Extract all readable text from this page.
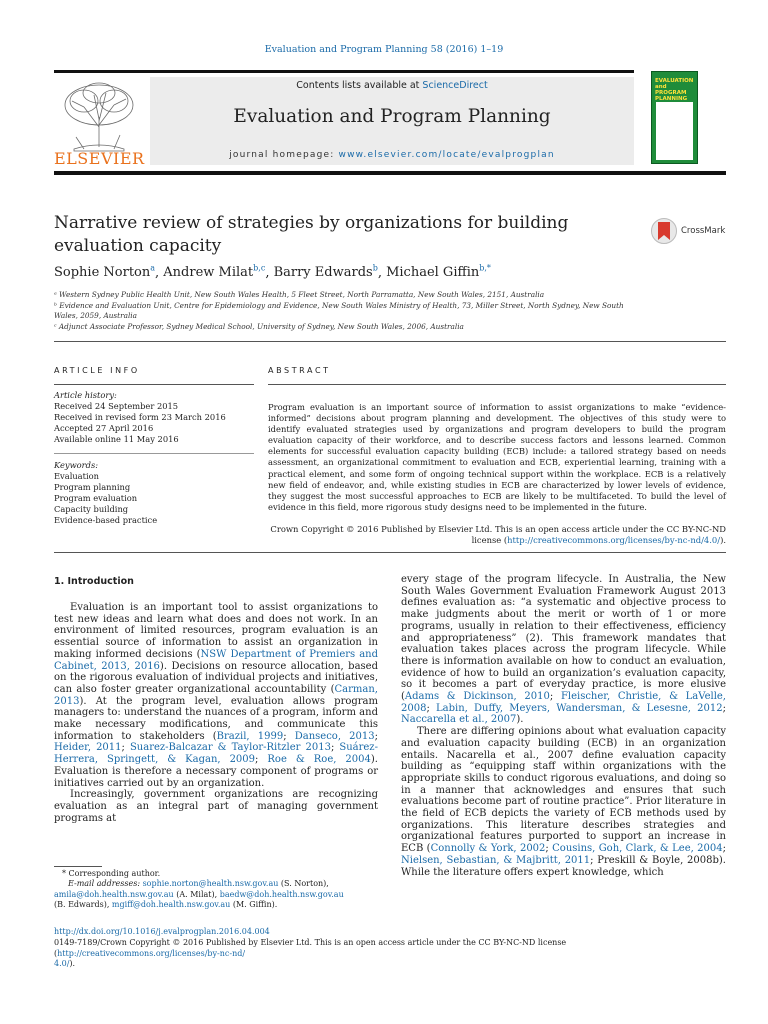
Evaluation and Program Planning 58 (2016) 1–19
ELSEVIER
Contents lists available at ScienceDirect
Evaluation and Program Planning
journal homepage: www.elsevier.com/locate/evalprogplan
EVALUATION and PROGRAM PLANNING
Narrative review of strategies by organizations for building evaluation capacity
CrossMark
Sophie Norton$^a$, Andrew Milat$^{b,c}$, Barry Edwards$^b$, Michael Giffin$^{b,*}$
ᵃ Western Sydney Public Health Unit, New South Wales Health, 5 Fleet Street, North Parramatta, New South Wales, 2151, Australia
ᵇ Evidence and Evaluation Unit, Centre for Epidemiology and Evidence, New South Wales Ministry of Health, 73, Miller Street, North Sydney, New South Wales, 2059, Australia
ᶜ Adjunct Associate Professor, Sydney Medical School, University of Sydney, New South Wales, 2006, Australia
ARTICLE INFO
Article history:
Received 24 September 2015
Received in revised form 23 March 2016
Accepted 27 April 2016
Available online 11 May 2016
Keywords:
Evaluation
Program planning
Program evaluation
Capacity building
Evidence-based practice
ABSTRACT
Program evaluation is an important source of information to assist organizations to make “evidence-informed” decisions about program planning and development. The objectives of this study were to identify evaluated strategies used by organizations and program developers to build the program evaluation capacity of their workforce, and to describe success factors and lessons learned. Common elements for successful evaluation capacity building (ECB) include: a tailored strategy based on needs assessment, an organizational commitment to evaluation and ECB, experiential learning, training with a practical element, and some form of ongoing technical support within the workplace. ECB is a relatively new field of endeavor, and, while existing studies in ECB are characterized by lower levels of evidence, they suggest the most successful approaches to ECB are likely to be multifaceted. To build the level of evidence in this field, more rigorous study designs need to be implemented in the future.
Crown Copyright © 2016 Published by Elsevier Ltd. This is an open access article under the CC BY-NC-ND
license (http://creativecommons.org/licenses/by-nc-nd/4.0/).
1. Introduction

Evaluation is an important tool to assist organizations to test new ideas and learn what does and does not work. In an environment of limited resources, program evaluation is an essential source of information to assist an organization in making informed decisions (NSW Department of Premiers and Cabinet, 2013, 2016). Decisions on resource allocation, based on the rigorous evaluation of individual projects and initiatives, can also foster greater organizational accountability (Carman, 2013). At the program level, evaluation allows program managers to: understand the nuances of a program, inform and make necessary modifications, and communicate this information to stakeholders (Brazil, 1999; Danseco, 2013; Heider, 2011; Suarez-Balcazar & Taylor-Ritzler 2013; Suárez-Herrera, Springett, & Kagan, 2009; Roe & Roe, 2004). Evaluation is therefore a necessary component of programs or initiatives carried out by an organization.

Increasingly, government organizations are recognizing evaluation as an integral part of managing government programs at

* Corresponding author.
E-mail addresses: sophie.norton@health.nsw.gov.au (S. Norton),
amila@doh.health.nsw.gov.au (A. Milat), baedw@doh.health.nsw.gov.au
(B. Edwards), mgiff@doh.health.nsw.gov.au (M. Giffin).

every stage of the program lifecycle. In Australia, the New South Wales Government Evaluation Framework August 2013 defines evaluation as: “a systematic and objective process to make judgments about the merit or worth of 1 or more programs, usually in relation to their effectiveness, efficiency and appropriateness” (2). This framework mandates that evaluation takes places across the program lifecycle. While there is information available on how to conduct an evaluation, evidence of how to build an organization’s evaluation capacity, so it becomes a part of everyday practice, is more elusive (Adams & Dickinson, 2010; Fleischer, Christie, & LaVelle, 2008; Labin, Duffy, Meyers, Wandersman, & Lesesne, 2012; Naccarella et al., 2007).

There are differing opinions about what evaluation capacity and evaluation capacity building (ECB) in an organization entails. Nacarella et al., 2007 define evaluation capacity building as “equipping staff within organizations with the appropriate skills to conduct rigorous evaluations, and doing so in a manner that acknowledges and ensures that such evaluations become part of routine practice”. Prior literature in the field of ECB depicts the variety of ECB methods used by organizations. This literature describes strategies and organizational features purported to support an increase in ECB (Connolly & York, 2002; Cousins, Goh, Clark, & Lee, 2004; Nielsen, Sebastian, & Majbritt, 2011; Preskill & Boyle, 2008b). While the literature offers expert knowledge, which

http://dx.doi.org/10.1016/j.evalprogplan.2016.04.004
0149-7189/Crown Copyright © 2016 Published by Elsevier Ltd. This is an open access article under the CC BY-NC-ND license (http://creativecommons.org/licenses/by-nc-nd/
4.0/).
